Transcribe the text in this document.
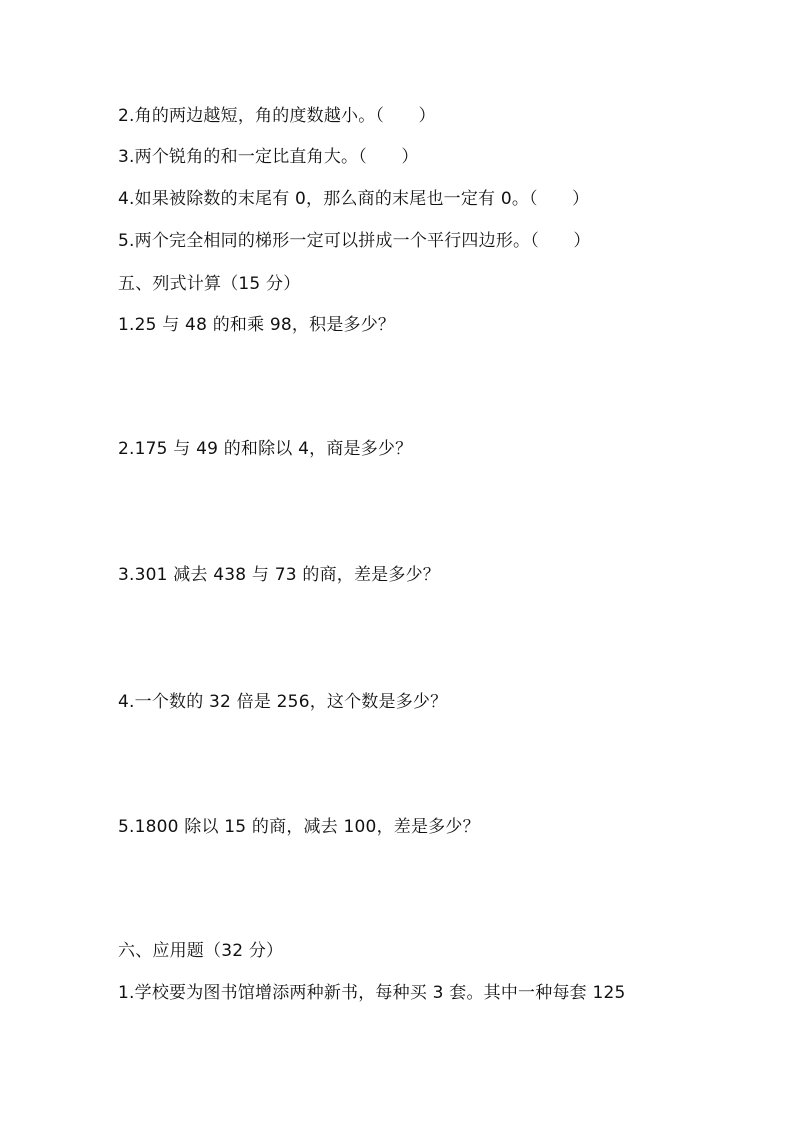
2.角的两边越短，角的度数越小。（　　）
3.两个锐角的和一定比直角大。（　　）
4.如果被除数的末尾有 0，那么商的末尾也一定有 0。（　　）
5.两个完全相同的梯形一定可以拼成一个平行四边形。（　　）
五、列式计算（15 分）
1.25 与 48 的和乘 98，积是多少？
2.175 与 49 的和除以 4，商是多少？
3.301 减去 438 与 73 的商，差是多少？
4.一个数的 32 倍是 256，这个数是多少？
5.1800 除以 15 的商，减去 100，差是多少？
六、应用题（32 分）
1.学校要为图书馆增添两种新书，每种买 3 套。其中一种每套 125
